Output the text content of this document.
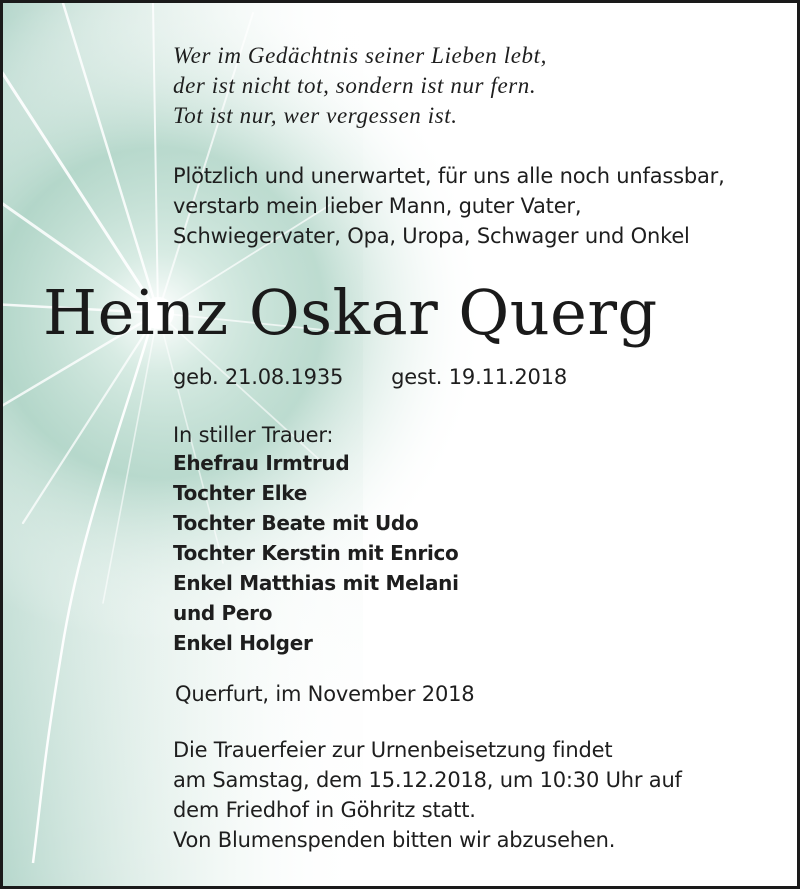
Wer im Gedächtnis seiner Lieben lebt,
der ist nicht tot, sondern ist nur fern.
Tot ist nur, wer vergessen ist.
Plötzlich und unerwartet, für uns alle noch unfassbar,
verstarb mein lieber Mann, guter Vater,
Schwiegervater, Opa, Uropa, Schwager und Onkel
Heinz Oskar Querg
geb. 21.08.1935 gest. 19.11.2018
In stiller Trauer:
Ehefrau Irmtrud
Tochter Elke
Tochter Beate mit Udo
Tochter Kerstin mit Enrico
Enkel Matthias mit Melani
und Pero
Enkel Holger
Querfurt, im November 2018
Die Trauerfeier zur Urnenbeisetzung findet
am Samstag, dem 15.12.2018, um 10:30 Uhr auf
dem Friedhof in Göhritz statt.
Von Blumenspenden bitten wir abzusehen.
